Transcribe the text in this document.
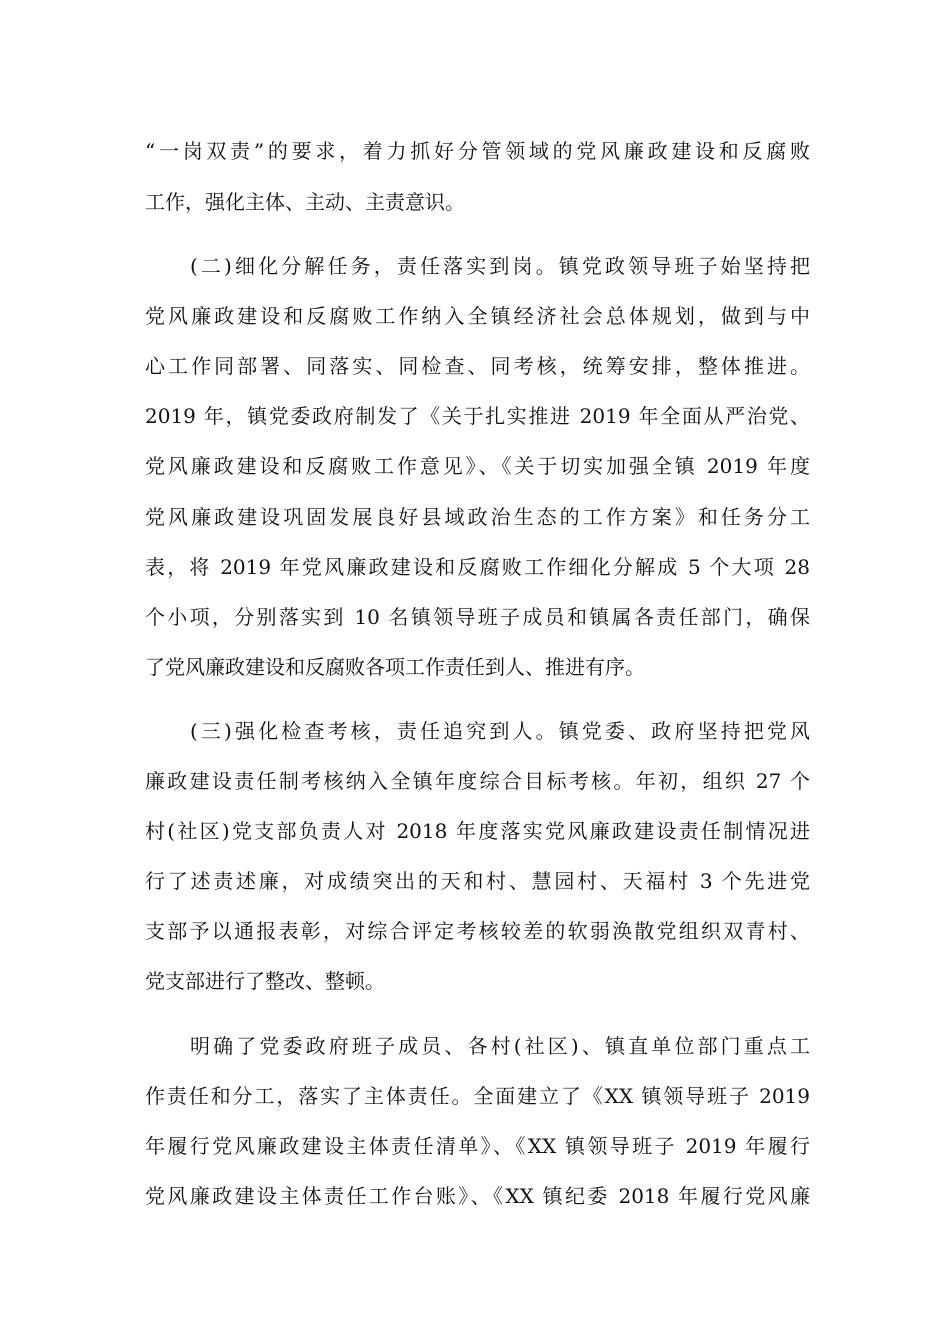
“一岗双责”的要求，着力抓好分管领域的党风廉政建设和反腐败
工作，强化主体、主动、主责意识。
(二)细化分解任务，责任落实到岗。镇党政领导班子始坚持把
党风廉政建设和反腐败工作纳入全镇经济社会总体规划，做到与中
心工作同部署、同落实、同检查、同考核，统筹安排，整体推进。
2019 年，镇党委政府制发了《关于扎实推进 2019 年全面从严治党、
党风廉政建设和反腐败工作意见》、《关于切实加强全镇 2019 年度
党风廉政建设巩固发展良好县域政治生态的工作方案》和任务分工
表，将 2019 年党风廉政建设和反腐败工作细化分解成 5 个大项 28
个小项，分别落实到 10 名镇领导班子成员和镇属各责任部门，确保
了党风廉政建设和反腐败各项工作责任到人、推进有序。
(三)强化检查考核，责任追究到人。镇党委、政府坚持把党风
廉政建设责任制考核纳入全镇年度综合目标考核。年初，组织 27 个
村(社区)党支部负责人对 2018 年度落实党风廉政建设责任制情况进
行了述责述廉，对成绩突出的天和村、慧园村、天福村 3 个先进党
支部予以通报表彰，对综合评定考核较差的软弱涣散党组织双青村、
党支部进行了整改、整顿。
明确了党委政府班子成员、各村(社区)、镇直单位部门重点工
作责任和分工，落实了主体责任。全面建立了《XX 镇领导班子 2019
年履行党风廉政建设主体责任清单》、《XX 镇领导班子 2019 年履行
党风廉政建设主体责任工作台账》、《XX 镇纪委 2018 年履行党风廉
